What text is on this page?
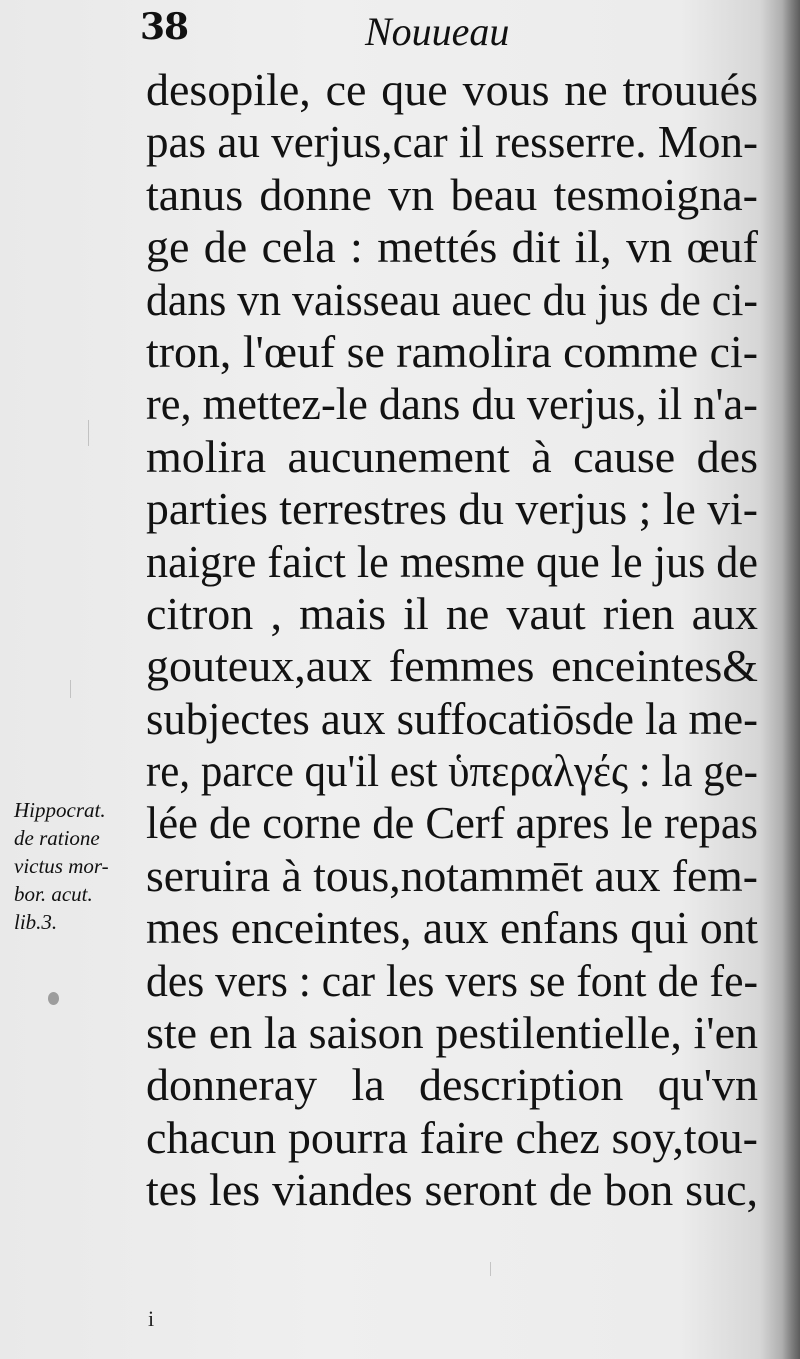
38	Nouueau
desopile, ce que vous ne trouués
pas au verjus,car il resserre. Mon-
tanus donne vn beau tesmoigna-
ge de cela : mettés dit il, vn œuf
dans vn vaisseau auec du jus de ci-
tron, l'œuf se ramolira comme ci-
re, mettez-le dans du verjus, il n'a-
molira aucunement à cause des
parties terrestres du verjus ; le vi-
naigre faict le mesme que le jus de
citron , mais il ne vaut rien aux
gouteux,aux femmes enceintes&
subjectes aux suffocatiōsde la me-
re, parce qu'il est ὑπεραλγές : la ge-
lée de corne de Cerf apres le repas
seruira à tous,notammēt aux fem-
mes enceintes, aux enfans qui ont
des vers : car les vers se font de fe-
ste en la saison pestilentielle, i'en
donneray la description qu'vn
chacun pourra faire chez soy,tou-
tes les viandes seront de bon suc,
Hippocrat.
de ratione
victus mor-
bor. acut.
lib.3.
i
